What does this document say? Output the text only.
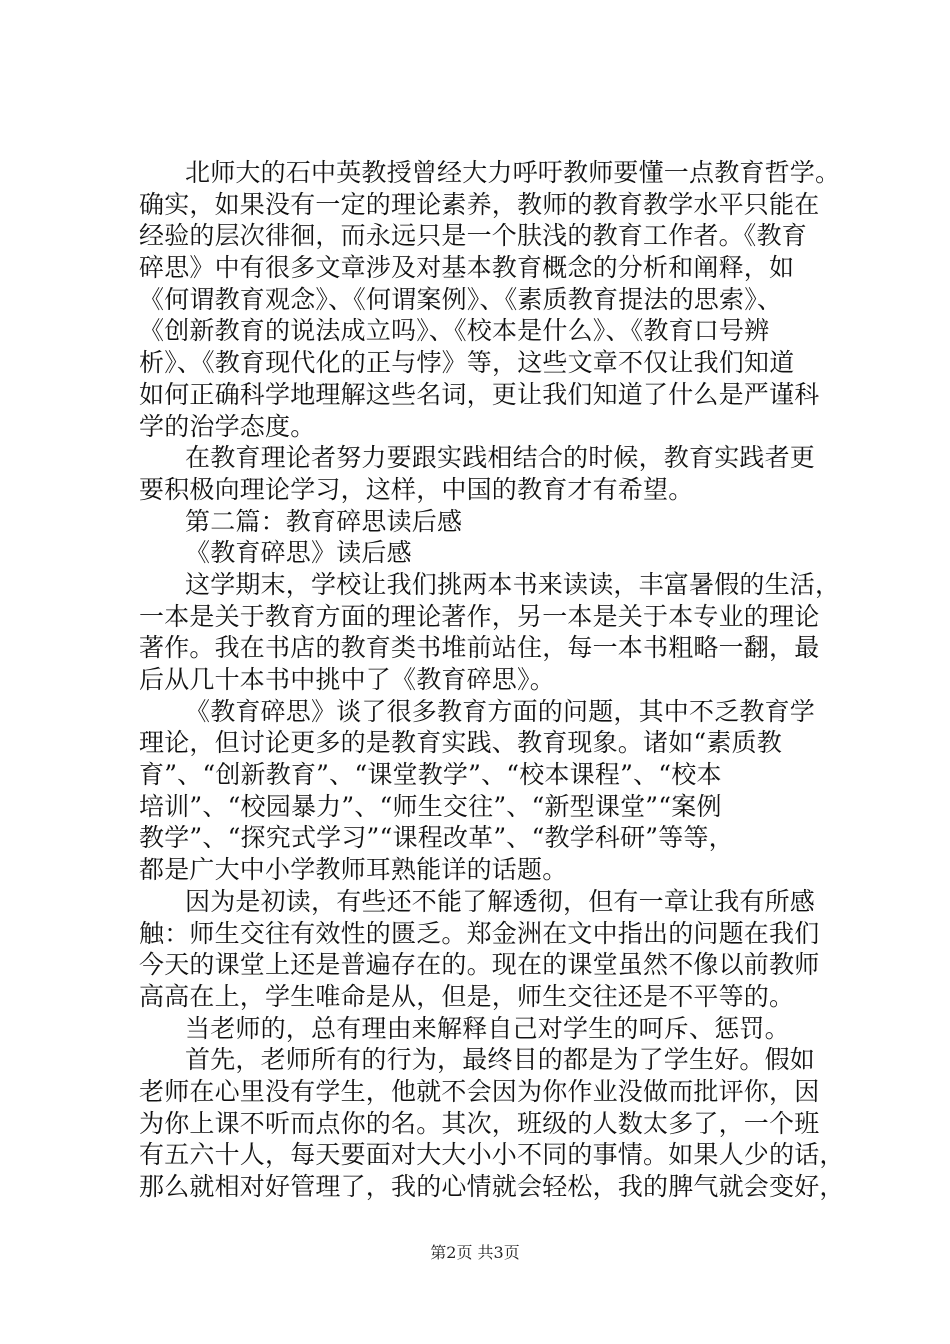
北师大的石中英教授曾经大力呼吁教师要懂一点教育哲学。
确实，如果没有一定的理论素养，教师的教育教学水平只能在
经验的层次徘徊，而永远只是一个肤浅的教育工作者。《教育
碎思》中有很多文章涉及对基本教育概念的分析和阐释，如
《何谓教育观念》、《何谓案例》、《素质教育提法的思索》、
《创新教育的说法成立吗》、《校本是什么》、《教育口号辨
析》、《教育现代化的正与悖》等，这些文章不仅让我们知道
如何正确科学地理解这些名词，更让我们知道了什么是严谨科
学的治学态度。
在教育理论者努力要跟实践相结合的时候，教育实践者更
要积极向理论学习，这样，中国的教育才有希望。
第二篇：教育碎思读后感
《教育碎思》读后感
这学期末，学校让我们挑两本书来读读，丰富暑假的生活，
一本是关于教育方面的理论著作，另一本是关于本专业的理论
著作。我在书店的教育类书堆前站住，每一本书粗略一翻，最
后从几十本书中挑中了《教育碎思》。
《教育碎思》谈了很多教育方面的问题，其中不乏教育学
理论，但讨论更多的是教育实践、教育现象。诸如“素质教
育”、“创新教育”、“课堂教学”、“校本课程”、“校本
培训”、“校园暴力”、“师生交往”、“新型课堂”“案例
教学”、“探究式学习”“课程改革”、“教学科研”等等，
都是广大中小学教师耳熟能详的话题。
因为是初读，有些还不能了解透彻，但有一章让我有所感
触：师生交往有效性的匮乏。郑金洲在文中指出的问题在我们
今天的课堂上还是普遍存在的。现在的课堂虽然不像以前教师
高高在上，学生唯命是从，但是，师生交往还是不平等的。
当老师的，总有理由来解释自己对学生的呵斥、惩罚。
首先，老师所有的行为，最终目的都是为了学生好。假如
老师在心里没有学生，他就不会因为你作业没做而批评你，因
为你上课不听而点你的名。其次，班级的人数太多了，一个班
有五六十人，每天要面对大大小小不同的事情。如果人少的话，
那么就相对好管理了，我的心情就会轻松，我的脾气就会变好，
第2页 共3页
